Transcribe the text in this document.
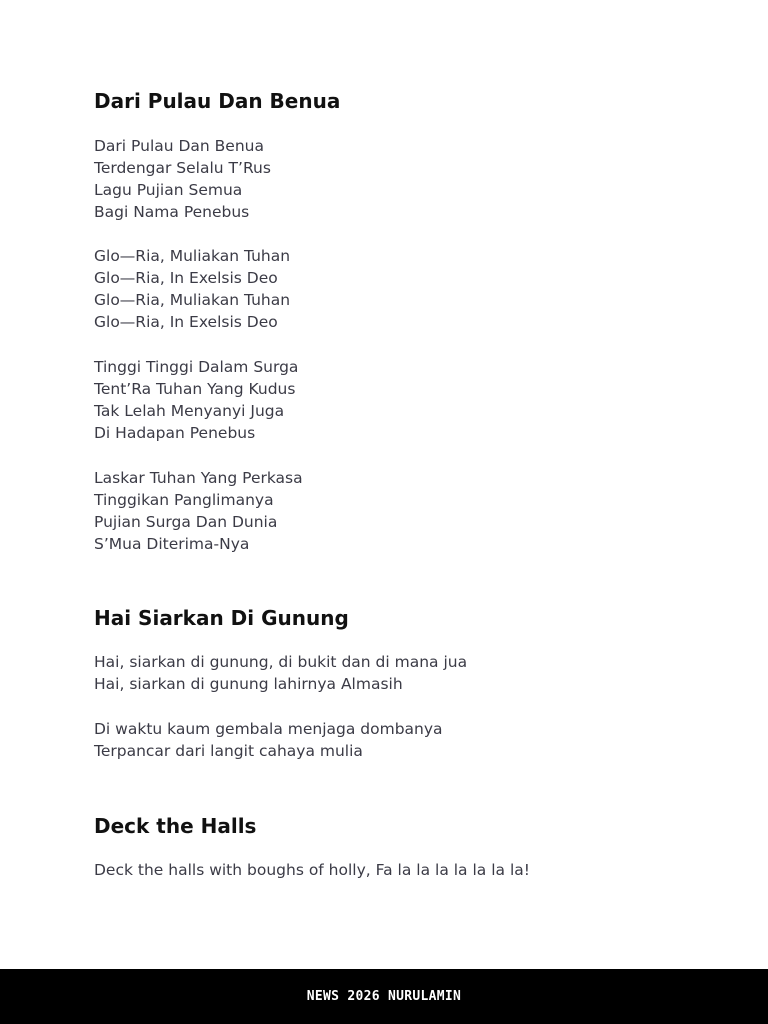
Dari Pulau Dan Benua
Dari Pulau Dan Benua
Terdengar Selalu T’Rus
Lagu Pujian Semua
Bagi Nama Penebus
Glo—Ria, Muliakan Tuhan
Glo—Ria, In Exelsis Deo
Glo—Ria, Muliakan Tuhan
Glo—Ria, In Exelsis Deo
Tinggi Tinggi Dalam Surga
Tent’Ra Tuhan Yang Kudus
Tak Lelah Menyanyi Juga
Di Hadapan Penebus
Laskar Tuhan Yang Perkasa
Tinggikan Panglimanya
Pujian Surga Dan Dunia
S’Mua Diterima-Nya
Hai Siarkan Di Gunung
Hai, siarkan di gunung, di bukit dan di mana jua
Hai, siarkan di gunung lahirnya Almasih
Di waktu kaum gembala menjaga dombanya
Terpancar dari langit cahaya mulia
Deck the Halls
Deck the halls with boughs of holly, Fa la la la la la la la!
NEWS 2026 NURULAMIN
